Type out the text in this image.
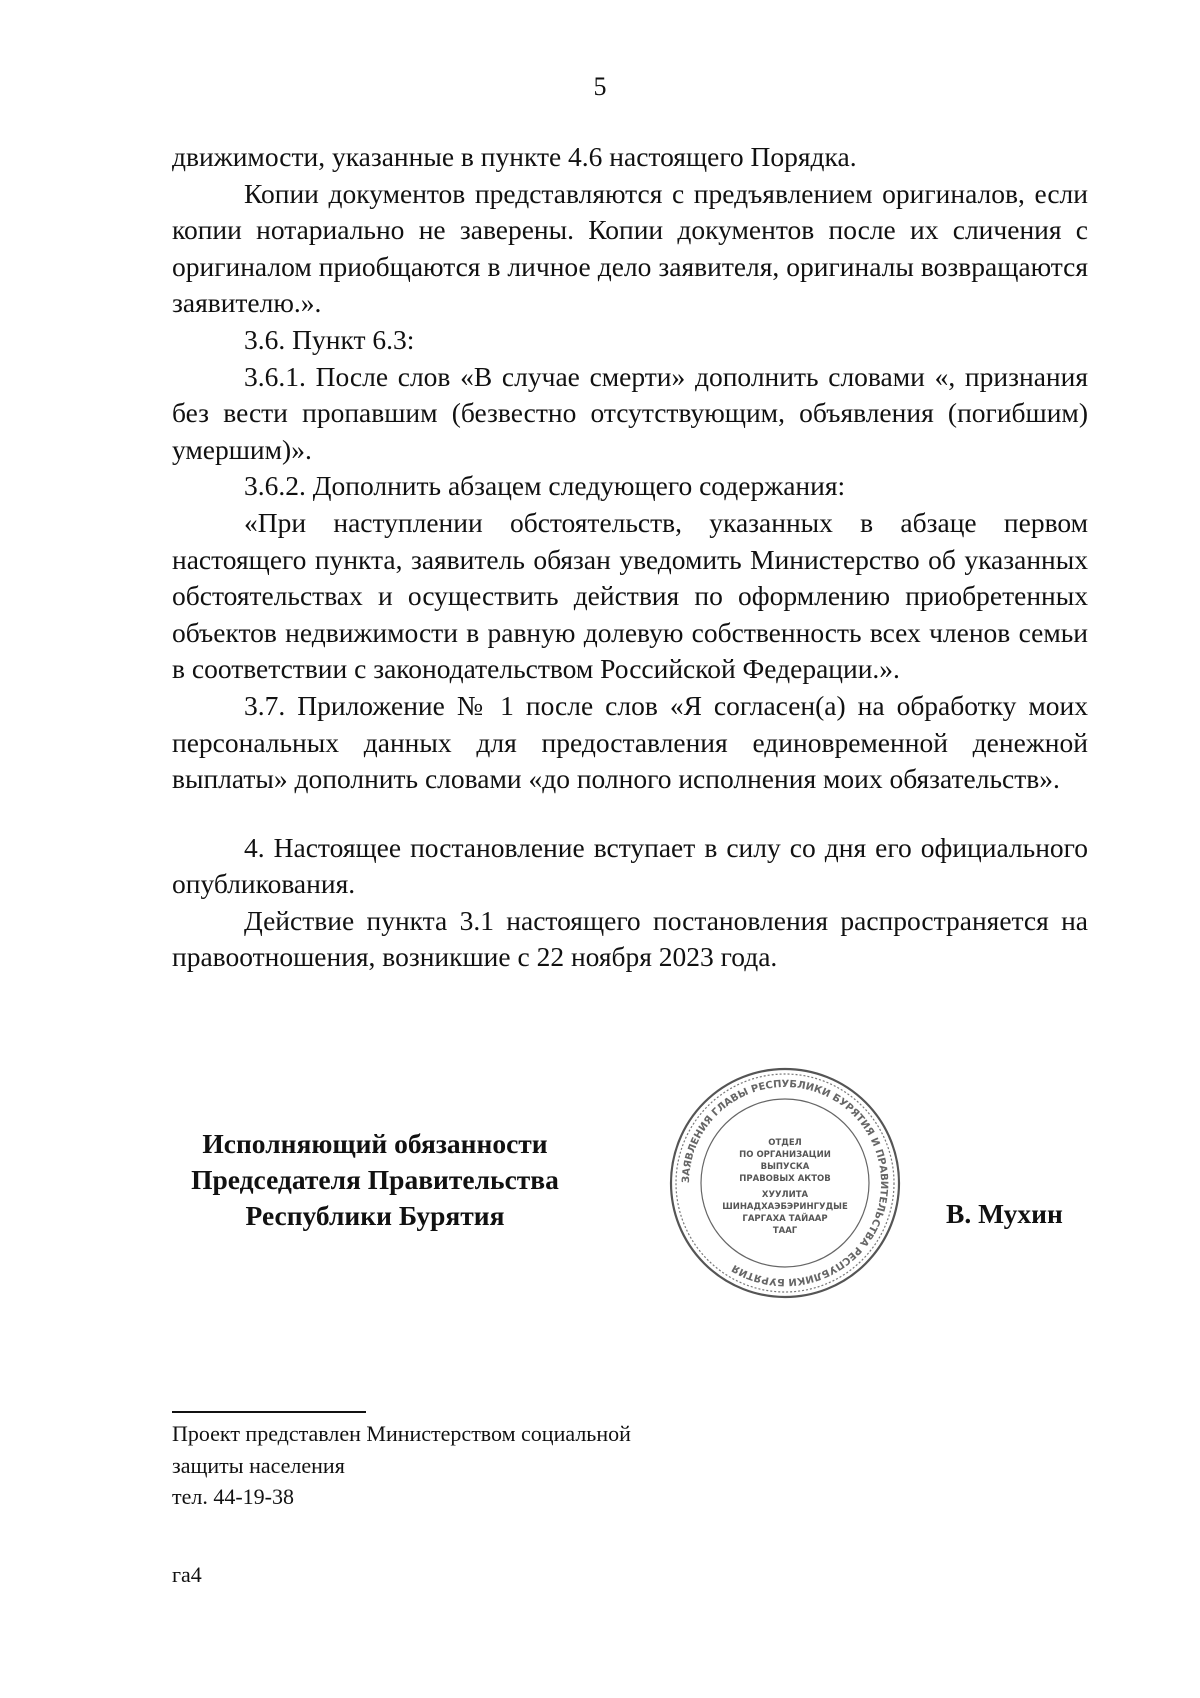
5

движимости, указанные в пункте 4.6 настоящего Порядка.

Копии документов представляются с предъявлением оригиналов, если копии нотариально не заверены. Копии документов после их сличения с оригиналом приобщаются в личное дело заявителя, оригиналы возвращаются заявителю.».

3.6. Пункт 6.3:

3.6.1. После слов «В случае смерти» дополнить словами «, признания без вести пропавшим (безвестно отсутствующим, объявления (погибшим) умершим)».

3.6.2. Дополнить абзацем следующего содержания:

«При наступлении обстоятельств, указанных в абзаце первом настоящего пункта, заявитель обязан уведомить Министерство об указанных обстоятельствах и осуществить действия по оформлению приобретенных объектов недвижимости в равную долевую собственность всех членов семьи в соответствии с законодательством Российской Федерации.».

3.7. Приложение № 1 после слов «Я согласен(а) на обработку моих персональных данных для предоставления единовременной денежной выплаты» дополнить словами «до полного исполнения моих обязательств».

4. Настоящее постановление вступает в силу со дня его официального опубликования.

Действие пункта 3.1 настоящего постановления распространяется на правоотношения, возникшие с 22 ноября 2023 года.

Исполняющий обязанности
Председателя Правительства
Республики Бурятия
ЗАЯВЛЕНИЯ ГЛАВЫ РЕСПУБЛИКИ БУРЯТИЯ И ПРАВИТЕЛЬСТВА РЕСПУБЛИКИ БУРЯТИЯ
ОТДЕЛ
ПО ОРГАНИЗАЦИИ
ВЫПУСКА
ПРАВОВЫХ АКТОВ
ХУУЛИТА
ШИНАДХАЭБЭРИНГУДЫЕ
ГАРГАХА ТАЙААР
ТААГ
В. Мухин
Проект представлен Министерством социальной
защиты населения
тел. 44-19-38
га4
